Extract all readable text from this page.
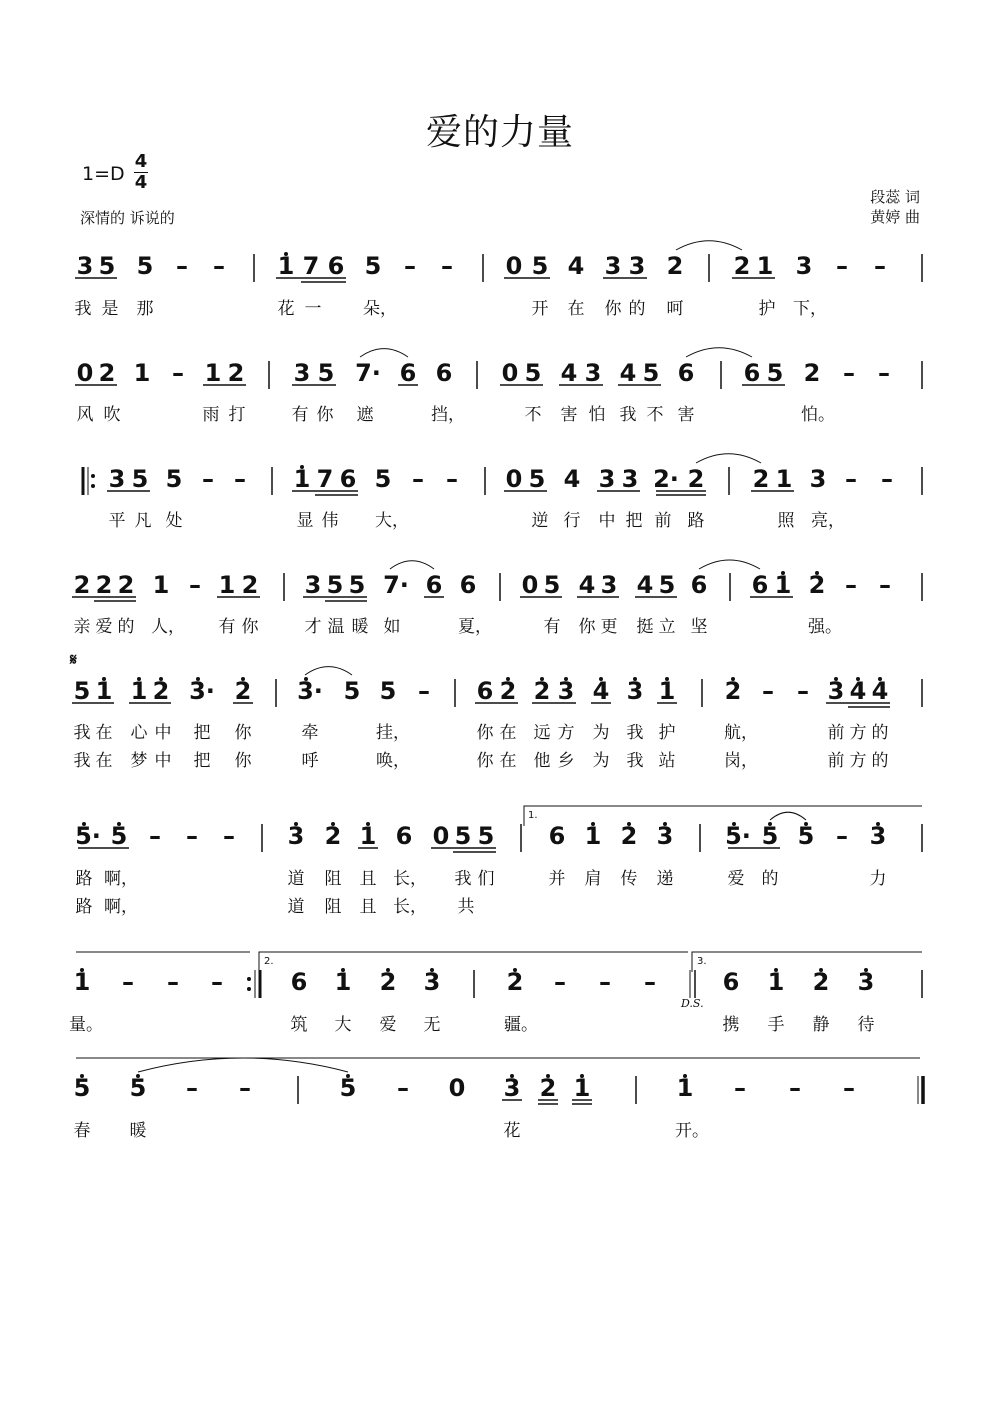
爱的力量
1=D
4
4
深情的 诉说的
段蕊 词
黄婷 曲
𝄋
D.S.
1.
2.	3.
3 5 5 – – 1 7 6 5 – – 0 5 4 3 3 2 2 1 3 – –
我 是 那	花 一 朵，	开 在 你 的 呵	护 下，
0 2 1 – 1 2 3 5 7· 6 6 0 5 4 3 4 5 6 6 5 2 – –
风 吹	雨 打	有 你 遮	挡，	不 害 怕 我 不 害	怕。
3 5 5 – – 1 7 6 5 – – 0 5 4 3 3 2· 2 2 1 3 – –
平 凡 处	显 伟 大，	逆 行 中 把 前 路	照 亮，
2 2 2 1 – 1 2 3 5 5 7· 6 6 0 5 4 3 4 5 6 6 1 2 – –
亲 爱 的 人， 有 你	才 温 暖 如	夏，	有 你 更 挺 立 坚	强。
5 1 1 2 3· 2 3· 5 5 – 6 2 2 3 4 3 1 2 – – 3 4 4
我 在 心 中 把 你	牵	挂，	你 在 远 方 为 我 护	航，	前 方 的
我 在 梦 中 把 你	呼	唤，	你 在 他 乡 为 我 站	岗，	前 方 的
5· 5 – – – 3 2 1 6 0 5 5 6 1 2 3 5· 5 5 – 3
路 啊，	道 阻 且 长， 我 们	并 肩 传 递	爱 的	力
路 啊，	道 阻 且 长， 共
1 – – –	6 1 2 3	2 – – –	6 1 2 3
量。	筑 大 爱 无	疆。	携 手 静 待
5 5 – –	5 – 0 3 2 1	1 – – –
春 暖	花	开。
